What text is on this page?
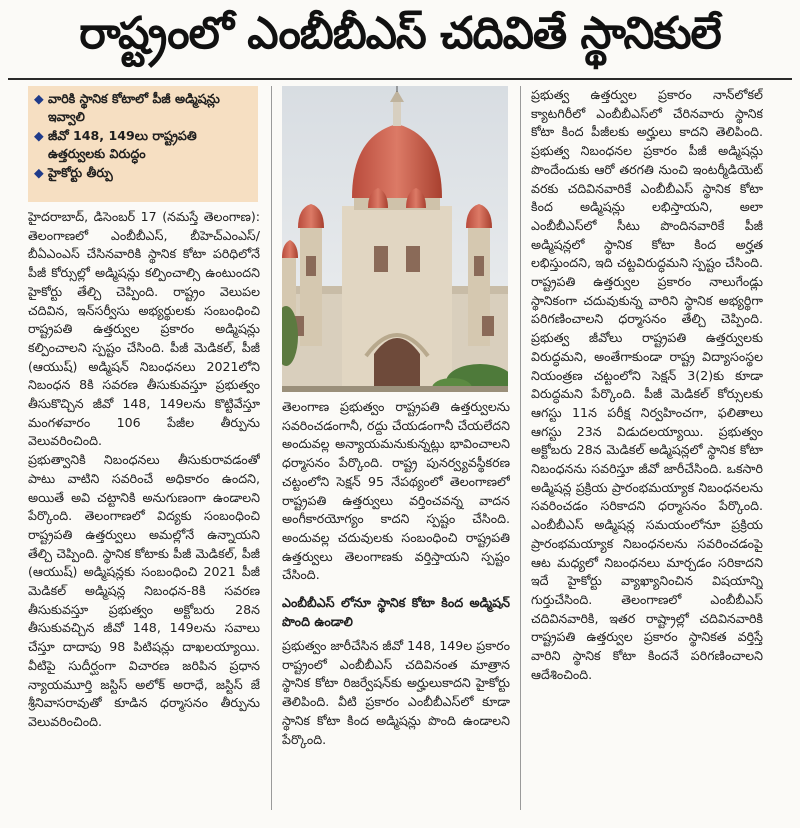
రాష్ట్రంలో ఎంబీబీఎస్‌ చదివితే స్థానికులే
◆ వారికి స్థానిక కోటాలో పీజీ అడ్మిషన్లు ఇవ్వాలి
◆ జీవో 148, 149లు రాష్ట్రపతి ఉత్తర్వులకు విరుద్ధం
◆ హైకోర్టు తీర్పు

హైదరాబాద్‌, డిసెంబర్‌ 17 (నమస్తే తెలంగాణ): తెలంగాణలో ఎంబీబీఎస్‌, బీహెచ్‌ఎంఎస్‌/బీఏఎంఎస్‌ చేసినవారికి స్థానిక కోటా పరిధిలోనే పీజీ కోర్సుల్లో అడ్మిషన్లు కల్పించాల్సి ఉంటుందని హైకోర్టు తేల్చి చెప్పింది. రాష్ట్రం వెలుపల చదివిన, ఇన్‌సర్వీసు అభ్యర్థులకు సంబంధించి రాష్ట్రపతి ఉత్తర్వుల ప్రకారం అడ్మిషన్లు కల్పించాలని స్పష్టం చేసింది. పీజీ మెడికల్‌, పీజీ (ఆయుష్‌) అడ్మిషన్‌ నిబంధనలు 2021లోని నిబంధన 8కి సవరణ తీసుకువస్తూ ప్రభుత్వం తీసుకొచ్చిన జీవో 148, 149లను కొట్టివేస్తూ మంగళవారం 106 పేజీల తీర్పును వెలువరించింది.

ప్రభుత్వానికి నిబంధనలు తీసుకురావడంతో పాటు వాటిని సవరించే అధికారం ఉందని, అయితే అవి చట్టానికి అనుగుణంగా ఉండాలని పేర్కొంది. తెలంగాణలో విద్యకు సంబంధించి రాష్ట్రపతి ఉత్తర్వులు అమల్లోనే ఉన్నాయని తేల్చి చెప్పింది. స్థానిక కోటాకు పీజీ మెడికల్‌, పీజీ (ఆయుష్‌) అడ్మిషన్లకు సంబంధించి 2021 పీజీ మెడికల్‌ అడ్మిషన్ల నిబంధన-8కి సవరణ తీసుకువస్తూ ప్రభుత్వం అక్టోబరు 28న తీసుకువచ్చిన జీవో 148, 149లను సవాలు చేస్తూ దాదాపు 98 పిటిషన్లు దాఖలయ్యాయి. వీటిపై సుదీర్ఘంగా విచారణ జరిపిన ప్రధాన న్యాయమూర్తి జస్టిస్‌ అలోక్‌ అరాధే, జస్టిస్‌ జే శ్రీనివాసరావుతో కూడిన ధర్మాసనం తీర్పును వెలువరించింది.

తెలంగాణ ప్రభుత్వం రాష్ట్రపతి ఉత్తర్వులను సవరించడంగానీ, రద్దు చేయడంగానీ చేయలేదని అందువల్ల అన్యాయమనుకున్నట్లు భావించాలని ధర్మాసనం పేర్కొంది. రాష్ట్ర పునర్వ్యవస్థీకరణ చట్టంలోని సెక్షన్‌ 95 నేపథ్యంలో తెలంగాణలో రాష్ట్రపతి ఉత్తర్వులు వర్తించవన్న వాదన అంగీకారయోగ్యం కాదని స్పష్టం చేసింది. అందువల్ల చదువులకు సంబంధించి రాష్ట్రపతి ఉత్తర్వులు తెలంగాణకు వర్తిస్తాయని స్పష్టం చేసింది.

ఎంబీబీఎస్‌ లోనూ స్థానిక కోటా కింద అడ్మిషన్‌ పొంది ఉండాలి

ప్రభుత్వం జారీచేసిన జీవో 148, 149ల ప్రకారం రాష్ట్రంలో ఎంబీబీఎస్‌ చదివినంత మాత్రాన స్థానిక కోటా రిజర్వేషన్‌కు అర్హులుకాదని హైకోర్టు తెలిపింది. వీటి ప్రకారం ఎంబీబీఎస్‌లో కూడా స్థానిక కోటా కింద అడ్మిషన్లు పొంది ఉండాలని పేర్కొంది.

ప్రభుత్వ ఉత్తర్వుల ప్రకారం నాన్‌లోకల్‌ క్యాటగిరీలో ఎంబీబీఎస్‌లో చేరినవారు స్థానిక కోటా కింద పీజీలకు అర్హులు కాదని తెలిపింది. ప్రభుత్వ నిబంధనల ప్రకారం పీజీ అడ్మిషన్లు పొందేందుకు ఆరో తరగతి నుంచి ఇంటర్మీడియెట్‌ వరకు చదివినవారికే ఎంబీబీఎస్‌ స్థానిక కోటా కింద అడ్మిషన్లు లభిస్తాయని, అలా ఎంబీబీఎస్‌లో సీటు పొందినవారికే పీజీ అడ్మిషన్లలో స్థానిక కోటా కింద అర్హత లభిస్తుందని, ఇది చట్టవిరుద్ధమని స్పష్టం చేసింది. రాష్ట్రపతి ఉత్తర్వుల ప్రకారం నాలుగేండ్లు స్థానికంగా చదువుకున్న వారిని స్థానిక అభ్యర్థిగా పరిగణించాలని ధర్మాసనం తేల్చి చెప్పింది. ప్రభుత్వ జీవోలు రాష్ట్రపతి ఉత్తర్వులకు విరుద్ధమని, అంతేగాకుండా రాష్ట్ర విద్యాసంస్థల నియంత్రణ చట్టంలోని సెక్షన్‌ 3(2)కు కూడా విరుద్ధమని పేర్కొంది. పీజీ మెడికల్‌ కోర్సులకు ఆగస్టు 11న పరీక్ష నిర్వహించగా, ఫలితాలు ఆగస్టు 23న విడుదలయ్యాయి. ప్రభుత్వం అక్టోబరు 28న మెడికల్‌ అడ్మిషన్లలో స్థానిక కోటా నిబంధనను సవరిస్తూ జీవో జారీచేసింది. ఒకసారి అడ్మిషన్ల ప్రక్రియ ప్రారంభమయ్యాక నిబంధనలను సవరించడం సరికాదని ధర్మాసనం పేర్కొంది. ఎంబీబీఎస్‌ అడ్మిషన్ల సమయంలోనూ ప్రక్రియ ప్రారంభమయ్యాక నిబంధనలను సవరించడంపై ఆట మధ్యలో నిబంధనలు మార్చడం సరికాదని ఇదే హైకోర్టు వ్యాఖ్యానించిన విషయాన్ని గుర్తుచేసింది. తెలంగాణలో ఎంబీబీఎస్‌ చదివినవారికి, ఇతర రాష్ట్రాల్లో చదివినవారికి రాష్ట్రపతి ఉత్తర్వుల ప్రకారం స్థానికత వర్తిస్తే వారిని స్థానిక కోటా కిందనే పరిగణించాలని ఆదేశించింది.
